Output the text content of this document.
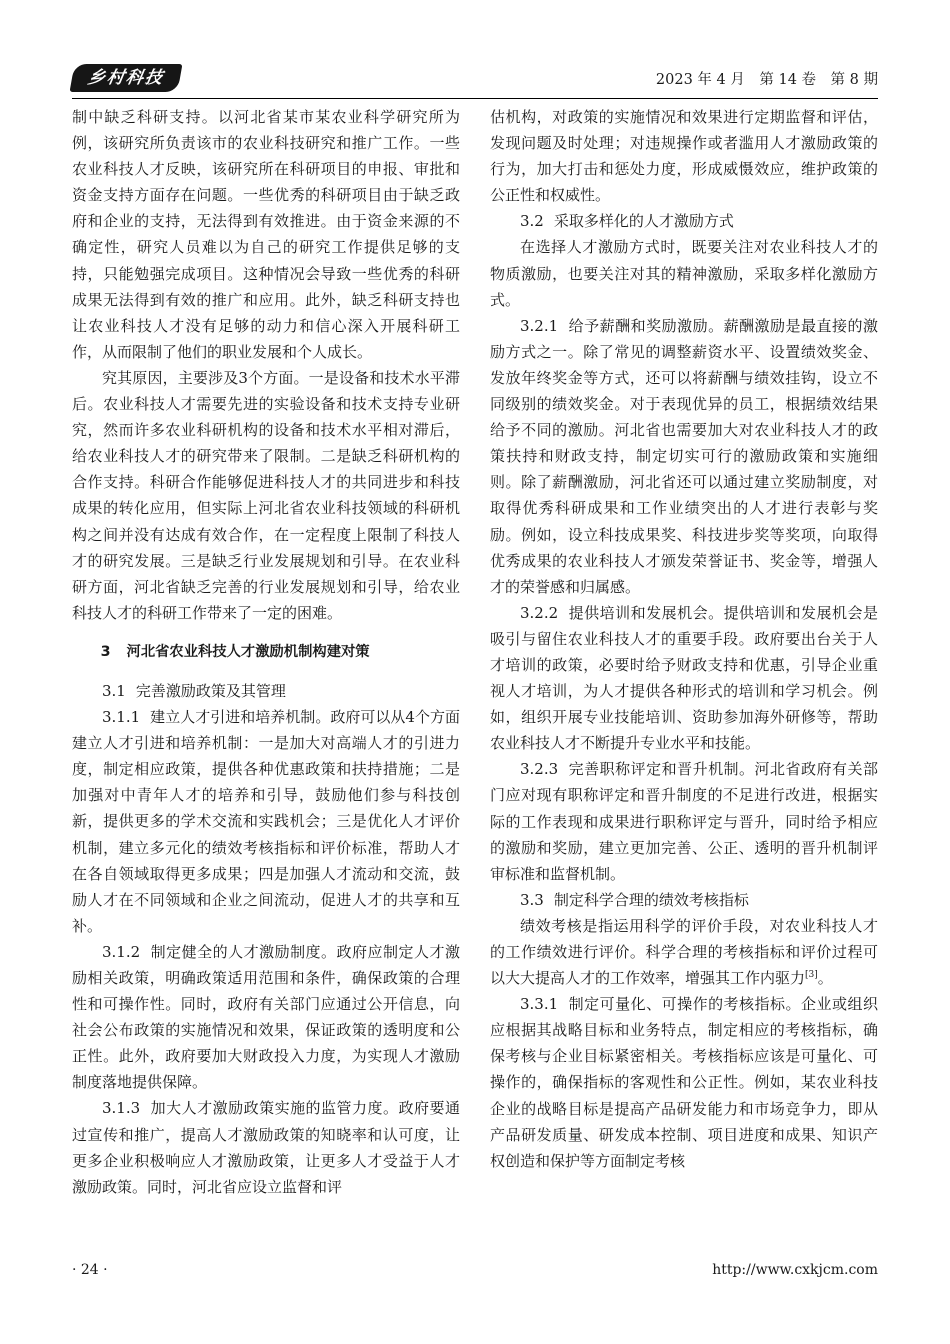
乡村科技	2023 年 4 月　第 14 卷　第 8 期

制中缺乏科研支持。以河北省某市某农业科学研究所为例，该研究所负责该市的农业科技研究和推广工作。一些农业科技人才反映，该研究所在科研项目的申报、审批和资金支持方面存在问题。一些优秀的科研项目由于缺乏政府和企业的支持，无法得到有效推进。由于资金来源的不确定性，研究人员难以为自己的研究工作提供足够的支持，只能勉强完成项目。这种情况会导致一些优秀的科研成果无法得到有效的推广和应用。此外，缺乏科研支持也让农业科技人才没有足够的动力和信心深入开展科研工作，从而限制了他们的职业发展和个人成长。

究其原因，主要涉及3个方面。一是设备和技术水平滞后。农业科技人才需要先进的实验设备和技术支持专业研究，然而许多农业科研机构的设备和技术水平相对滞后，给农业科技人才的研究带来了限制。二是缺乏科研机构的合作支持。科研合作能够促进科技人才的共同进步和科技成果的转化应用，但实际上河北省农业科技领域的科研机构之间并没有达成有效合作，在一定程度上限制了科技人才的研究发展。三是缺乏行业发展规划和引导。在农业科研方面，河北省缺乏完善的行业发展规划和引导，给农业科技人才的科研工作带来了一定的困难。

3 河北省农业科技人才激励机制构建对策
3.1 完善激励政策及其管理

3.1.1 建立人才引进和培养机制。政府可以从4个方面建立人才引进和培养机制：一是加大对高端人才的引进力度，制定相应政策，提供各种优惠政策和扶持措施；二是加强对中青年人才的培养和引导，鼓励他们参与科技创新，提供更多的学术交流和实践机会；三是优化人才评价机制，建立多元化的绩效考核指标和评价标准，帮助人才在各自领域取得更多成果；四是加强人才流动和交流，鼓励人才在不同领域和企业之间流动，促进人才的共享和互补。

3.1.2 制定健全的人才激励制度。政府应制定人才激励相关政策，明确政策适用范围和条件，确保政策的合理性和可操作性。同时，政府有关部门应通过公开信息，向社会公布政策的实施情况和效果，保证政策的透明度和公正性。此外，政府要加大财政投入力度，为实现人才激励制度落地提供保障。

3.1.3 加大人才激励政策实施的监管力度。政府要通过宣传和推广，提高人才激励政策的知晓率和认可度，让更多企业积极响应人才激励政策，让更多人才受益于人才激励政策。同时，河北省应设立监督和评

估机构，对政策的实施情况和效果进行定期监督和评估，发现问题及时处理；对违规操作或者滥用人才激励政策的行为，加大打击和惩处力度，形成威慑效应，维护政策的公正性和权威性。

3.2 采取多样化的人才激励方式

在选择人才激励方式时，既要关注对农业科技人才的物质激励，也要关注对其的精神激励，采取多样化激励方式。

3.2.1 给予薪酬和奖励激励。薪酬激励是最直接的激励方式之一。除了常见的调整薪资水平、设置绩效奖金、发放年终奖金等方式，还可以将薪酬与绩效挂钩，设立不同级别的绩效奖金。对于表现优异的员工，根据绩效结果给予不同的激励。河北省也需要加大对农业科技人才的政策扶持和财政支持，制定切实可行的激励政策和实施细则。除了薪酬激励，河北省还可以通过建立奖励制度，对取得优秀科研成果和工作业绩突出的人才进行表彰与奖励。例如，设立科技成果奖、科技进步奖等奖项，向取得优秀成果的农业科技人才颁发荣誉证书、奖金等，增强人才的荣誉感和归属感。

3.2.2 提供培训和发展机会。提供培训和发展机会是吸引与留住农业科技人才的重要手段。政府要出台关于人才培训的政策，必要时给予财政支持和优惠，引导企业重视人才培训，为人才提供各种形式的培训和学习机会。例如，组织开展专业技能培训、资助参加海外研修等，帮助农业科技人才不断提升专业水平和技能。

3.2.3 完善职称评定和晋升机制。河北省政府有关部门应对现有职称评定和晋升制度的不足进行改进，根据实际的工作表现和成果进行职称评定与晋升，同时给予相应的激励和奖励，建立更加完善、公正、透明的晋升机制评审标准和监督机制。

3.3 制定科学合理的绩效考核指标

绩效考核是指运用科学的评价手段，对农业科技人才的工作绩效进行评价。科学合理的考核指标和评价过程可以大大提高人才的工作效率，增强其工作内驱力[3]。

3.3.1 制定可量化、可操作的考核指标。企业或组织应根据其战略目标和业务特点，制定相应的考核指标，确保考核与企业目标紧密相关。考核指标应该是可量化、可操作的，确保指标的客观性和公正性。例如，某农业科技企业的战略目标是提高产品研发能力和市场竞争力，即从产品研发质量、研发成本控制、项目进度和成果、知识产权创造和保护等方面制定考核

· 24 ·	http://www.cxkjcm.com
